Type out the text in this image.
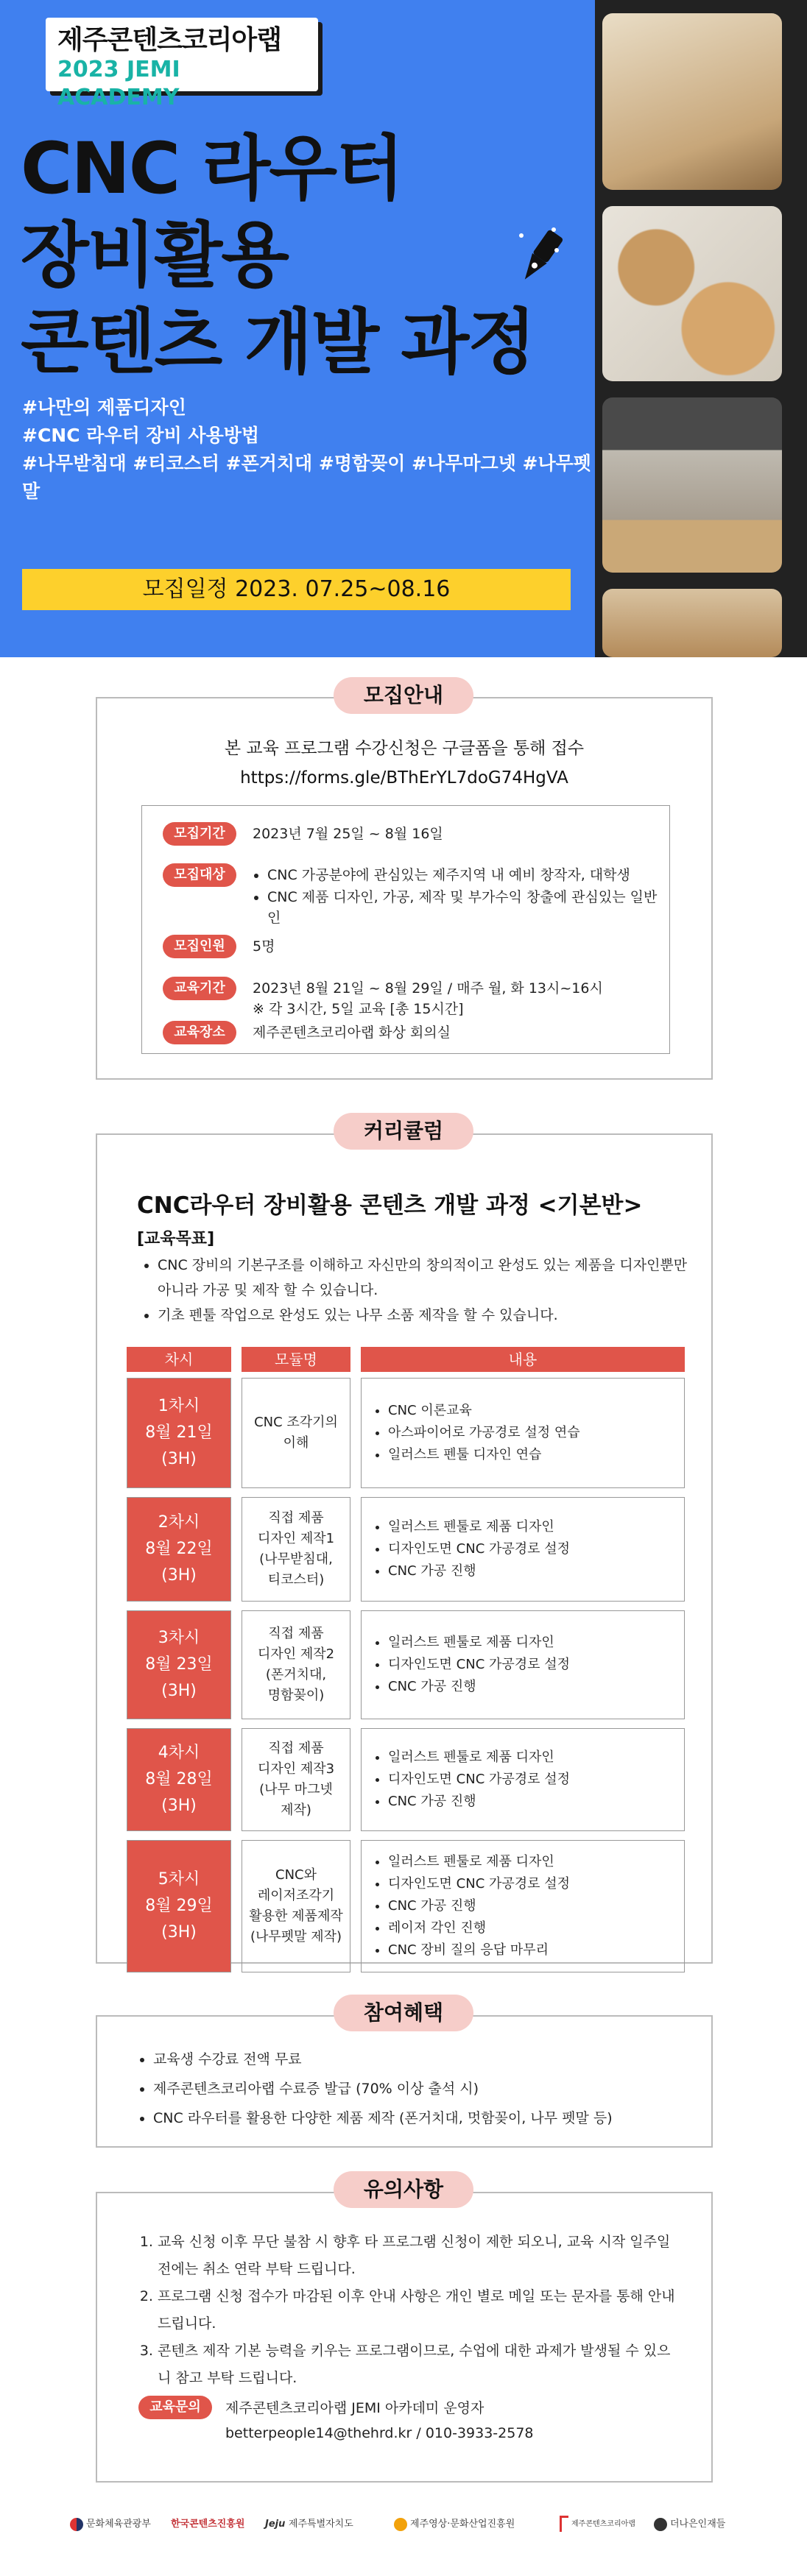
제주콘텐츠코리아랩
2023 JEMI ACADEMY
CNC 라우터
장비활용
콘텐츠 개발 과정
#나만의 제품디자인
#CNC 라우터 장비 사용방법
#나무받침대 #티코스터 #폰거치대 #명함꽂이 #나무마그넷 #나무펫말
모집일정 2023. 07.25~08.16
본 교육 프로그램 수강신청은 구글폼을 통해 접수
https://forms.gle/BThErYL7doG74HgVA
모집기간 2023년 7월 25일 ~ 8월 16일
모집대상
•	CNC 가공분야에 관심있는 제주지역 내 예비 창작자, 대학생
• CNC 제품 디자인, 가공, 제작 및 부가수익 창출에 관심있는 일반인
모집인원 5명
교육기간 2023년 8월 21일 ~ 8월 29일 / 매주 월, 화 13시~16시
※ 각 3시간, 5일 교육 [총 15시간]
교육장소 제주콘텐츠코리아랩 화상 회의실
모집안내
CNC라우터 장비활용 콘텐츠 개발 과정 <기본반>
[교육목표]
• CNC 장비의 기본구조를 이해하고 자신만의 창의적이고 완성도 있는 제품을 디자인뿐만 아니라 가공 및 제작 할 수 있습니다.
• 기초 펜툴 작업으로 완성도 있는 나무 소품 제작을 할 수 있습니다.
차시	모듈명	내용
1차시
8월 21일
(3H)
CNC 조각기의
이해
• CNC 이론교육
• 아스파이어로 가공경로 설정 연습
• 일러스트 펜툴 디자인 연습
2차시
8월 22일
(3H)
직접 제품
디자인 제작1
(나무받침대,
티코스터)
• 일러스트 펜툴로 제품 디자인
• 디자인도면 CNC 가공경로 설정
• CNC 가공 진행
3차시
8월 23일
(3H)
직접 제품
디자인 제작2
(폰거치대,
명함꽂이)
• 일러스트 펜툴로 제품 디자인
• 디자인도면 CNC 가공경로 설정
• CNC 가공 진행
4차시
8월 28일
(3H)
직접 제품
디자인 제작3
(나무 마그넷
제작)
• 일러스트 펜툴로 제품 디자인
• 디자인도면 CNC 가공경로 설정
• CNC 가공 진행
5차시
8월 29일
(3H)
CNC와
레이저조각기
활용한 제품제작
(나무펫말 제작)
• 일러스트 펜툴로 제품 디자인
• 디자인도면 CNC 가공경로 설정
• CNC 가공 진행
• 레이저 각인 진행
• CNC 장비 질의 응답 마무리
커리큘럼
• 교육생 수강료 전액 무료
• 제주콘텐츠코리아랩 수료증 발급 (70% 이상 출석 시)
• CNC 라우터를 활용한 다양한 제품 제작 (폰거치대, 멋함꽂이, 나무 펫말 등)
참여혜택
1. 교육 신청 이후 무단 불참 시 향후 타 프로그램 신청이 제한 되오니, 교육 시작 일주일 전에는 취소 연락 부탁 드립니다.
2. 프로그램 신청 접수가 마감된 이후 안내 사항은 개인 별로 메일 또는 문자를 통해 안내 드립니다.
3. 콘텐츠 제작 기본 능력을 키우는 프로그램이므로, 수업에 대한 과제가 발생될 수 있으니 참고 부탁 드립니다.
교육문의 제주콘텐츠코리아랩 JEMI 아카데미 운영자
betterpeople14@thehrd.kr / 010-3933-2578
유의사항
문화체육관광부 한국콘텐츠진흥원 Jeju 제주특별자치도	제주영상·문화산업진흥원	제주콘텐츠코리아랩	더나은인재들
